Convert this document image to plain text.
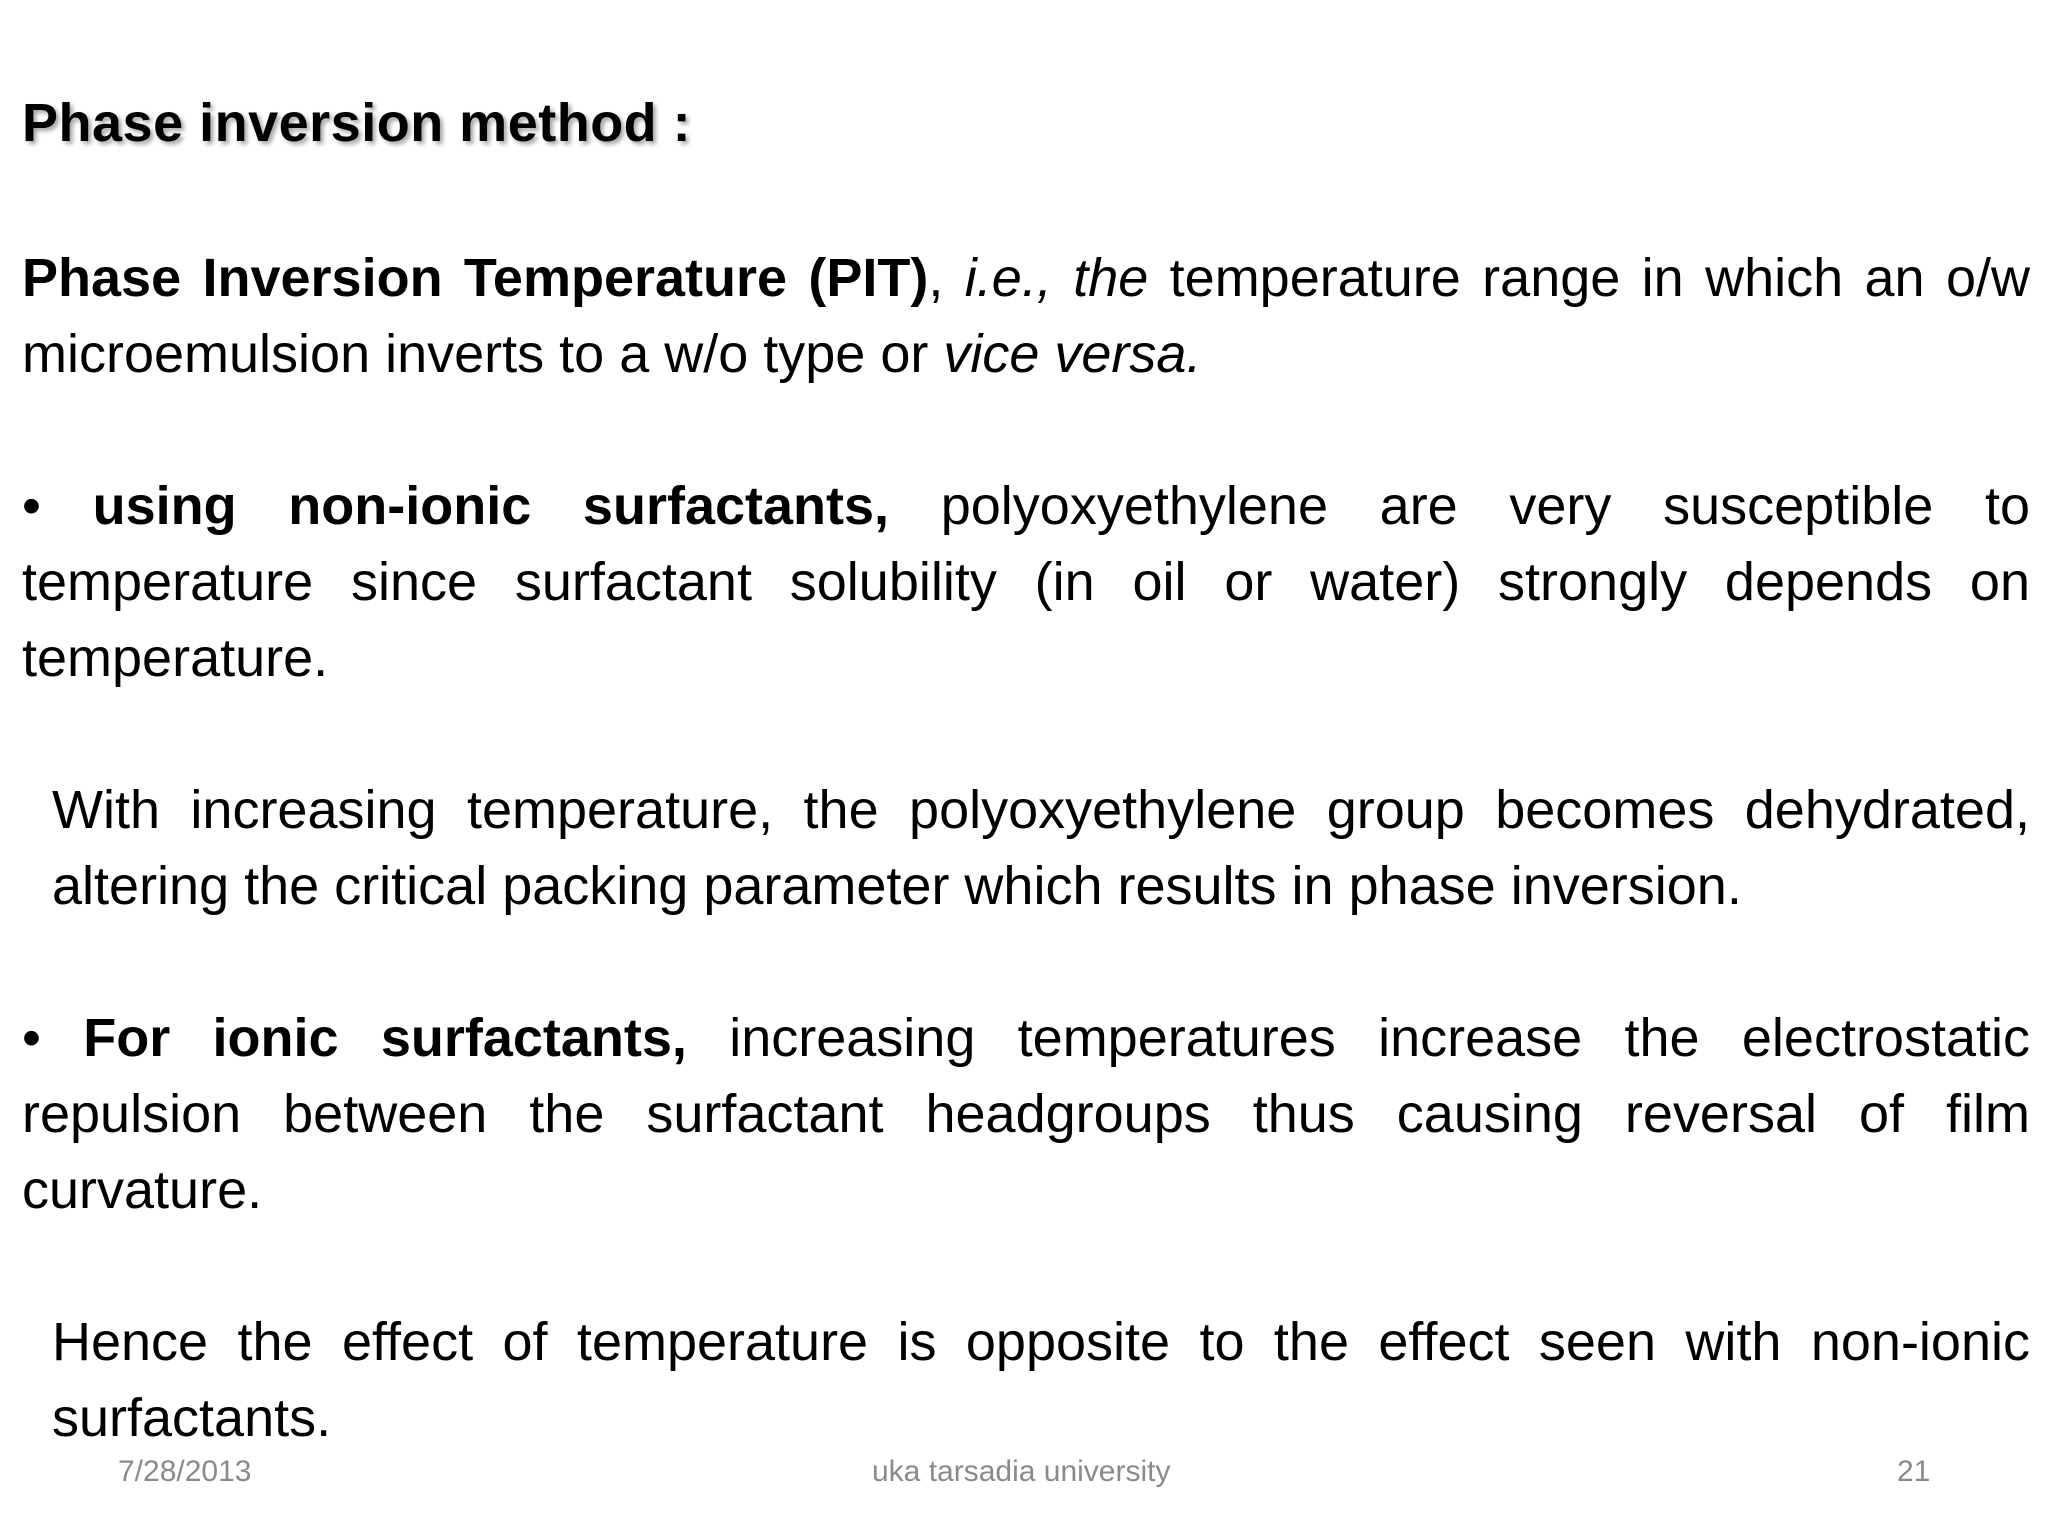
Phase inversion method :

Phase Inversion Temperature (PIT), i.e., the temperature range in which an o/w microemulsion inverts to a w/o type or vice versa.

• using non-ionic surfactants, polyoxyethylene are very susceptible to temperature since surfactant solubility (in oil or water) strongly depends on temperature.

With increasing temperature, the polyoxyethylene group becomes dehydrated, altering the critical packing parameter which results in phase inversion.

• For ionic surfactants, increasing temperatures increase the electrostatic repulsion between the surfactant headgroups thus causing reversal of film curvature.

Hence the effect of temperature is opposite to the effect seen with non-ionic surfactants.

7/28/2013	uka tarsadia university	21
